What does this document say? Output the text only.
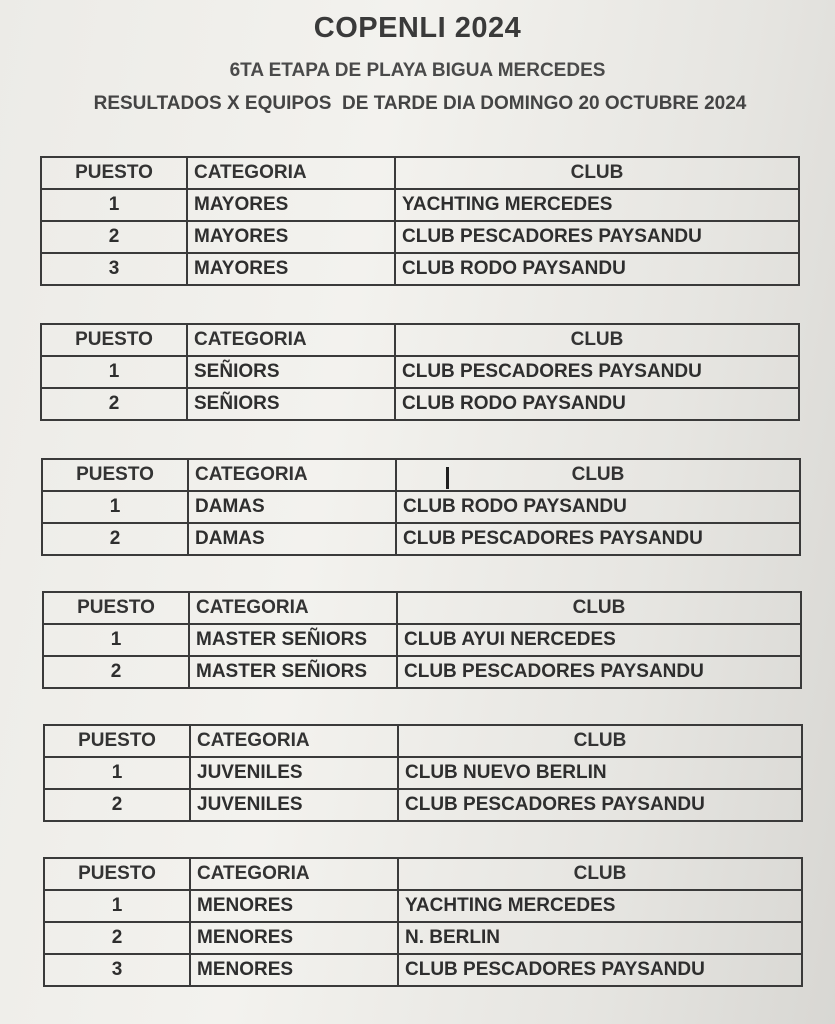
COPENLI 2024
6TA ETAPA DE PLAYA BIGUA MERCEDES
RESULTADOS X EQUIPOS  DE TARDE DIA DOMINGO 20 OCTUBRE 2024
PUESTO	CATEGORIA	CLUB
1	MAYORES	YACHTING MERCEDES
2	MAYORES	CLUB PESCADORES PAYSANDU
3	MAYORES	CLUB RODO PAYSANDU
PUESTO	CATEGORIA	CLUB
1	SEÑIORS	CLUB PESCADORES PAYSANDU
2	SEÑIORS	CLUB RODO PAYSANDU
PUESTO	CATEGORIA	CLUB
1	DAMAS	CLUB RODO PAYSANDU
2	DAMAS	CLUB PESCADORES PAYSANDU
PUESTO	CATEGORIA	CLUB
1	MASTER SEÑIORS	CLUB AYUI NERCEDES
2	MASTER SEÑIORS	CLUB PESCADORES PAYSANDU
PUESTO	CATEGORIA	CLUB
1	JUVENILES	CLUB NUEVO BERLIN
2	JUVENILES	CLUB PESCADORES PAYSANDU
PUESTO	CATEGORIA	CLUB
1	MENORES	YACHTING MERCEDES
2	MENORES	N. BERLIN
3	MENORES	CLUB PESCADORES PAYSANDU
